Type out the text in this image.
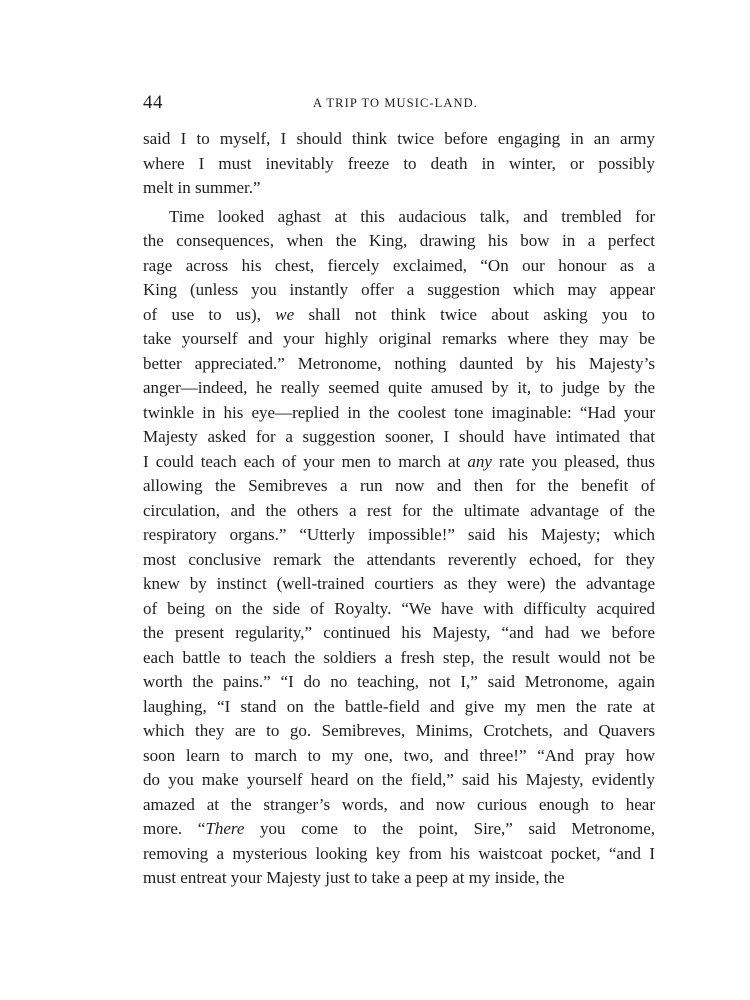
44	A TRIP TO MUSIC-LAND.
said I to myself, I should think twice before engaging in an army
where I must inevitably freeze to death in winter, or possibly
melt in summer.”
Time looked aghast at this audacious talk, and trembled for
the consequences, when the King, drawing his bow in a perfect
rage across his chest, fiercely exclaimed, “On our honour as a
King (unless you instantly offer a suggestion which may appear
of use to us), we shall not think twice about asking you to
take yourself and your highly original remarks where they may be
better appreciated.” Metronome, nothing daunted by his Majesty’s
anger—indeed, he really seemed quite amused by it, to judge by the
twinkle in his eye—replied in the coolest tone imaginable: “Had your
Majesty asked for a suggestion sooner, I should have intimated that
I could teach each of your men to march at any rate you pleased, thus
allowing the Semibreves a run now and then for the benefit of
circulation, and the others a rest for the ultimate advantage of the
respiratory organs.” “Utterly impossible!” said his Majesty; which
most conclusive remark the attendants reverently echoed, for they
knew by instinct (well-trained courtiers as they were) the advantage
of being on the side of Royalty. “We have with difficulty acquired
the present regularity,” continued his Majesty, “and had we before
each battle to teach the soldiers a fresh step, the result would not be
worth the pains.” “I do no teaching, not I,” said Metronome, again
laughing, “I stand on the battle-field and give my men the rate at
which they are to go. Semibreves, Minims, Crotchets, and Quavers
soon learn to march to my one, two, and three!” “And pray how
do you make yourself heard on the field,” said his Majesty, evidently
amazed at the stranger’s words, and now curious enough to hear
more. “There you come to the point, Sire,” said Metronome,
removing a mysterious looking key from his waistcoat pocket, “and I
must entreat your Majesty just to take a peep at my inside, the
